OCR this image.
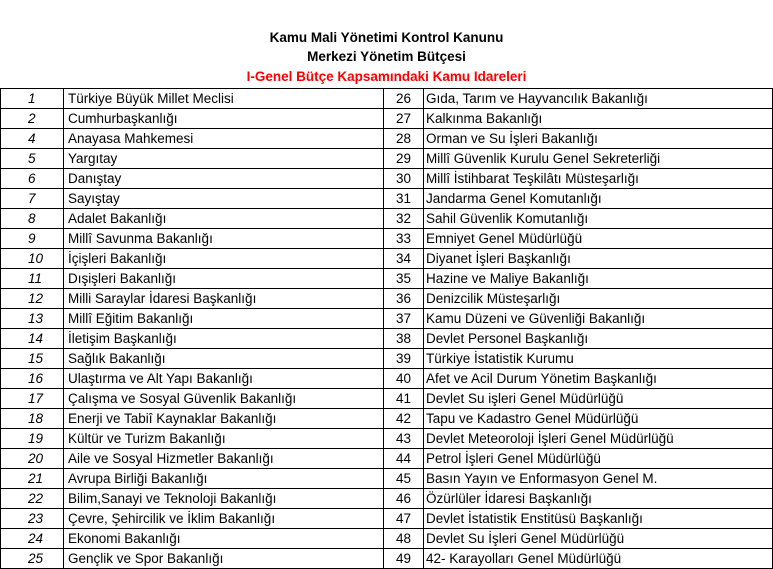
Kamu Mali Yönetimi Kontrol Kanunu
Merkezi Yönetim Bütçesi
I-Genel Bütçe Kapsamındaki Kamu Idareleri
1	Türkiye Büyük Millet Meclisi	26	Gıda, Tarım ve Hayvancılık Bakanlığı
2	Cumhurbaşkanlığı	27	Kalkınma Bakanlığı
4	Anayasa Mahkemesi	28	Orman ve Su İşleri Bakanlığı
5	Yargıtay	29	Millî Güvenlik Kurulu Genel Sekreterliği
6	Danıştay	30	Millî İstihbarat Teşkilâtı Müsteşarlığı
7	Sayıştay	31	Jandarma Genel Komutanlığı
8	Adalet Bakanlığı	32	Sahil Güvenlik Komutanlığı
9	Millî Savunma Bakanlığı	33	Emniyet Genel Müdürlüğü
10	İçişleri Bakanlığı	34	Diyanet İşleri Başkanlığı
11	Dışişleri Bakanlığı	35	Hazine ve Maliye Bakanlığı
12	Milli Saraylar İdaresi Başkanlığı	36	Denizcilik Müsteşarlığı
13	Millî Eğitim Bakanlığı	37	Kamu Düzeni ve Güvenliği Bakanlığı
14	İletişim Başkanlığı	38	Devlet Personel Başkanlığı
15	Sağlık Bakanlığı	39	Türkiye İstatistik Kurumu
16	Ulaştırma ve Alt Yapı Bakanlığı	40	Afet ve Acil Durum Yönetim Başkanlığı
17	Çalışma ve Sosyal Güvenlik Bakanlığı	41	Devlet Su işleri Genel Müdürlüğü
18	Enerji ve Tabiî Kaynaklar Bakanlığı	42	Tapu ve Kadastro Genel Müdürlüğü
19	Kültür ve Turizm Bakanlığı	43	Devlet Meteoroloji İşleri Genel Müdürlüğü
20	Aile ve Sosyal Hizmetler Bakanlığı	44	Petrol İşleri Genel Müdürlüğü
21	Avrupa Birliği Bakanlığı	45	Basın Yayın ve Enformasyon Genel M.
22	Bilim,Sanayi ve Teknoloji Bakanlığı	46	Özürlüler İdaresi Başkanlığı
23	Çevre, Şehircilik ve İklim Bakanlığı	47	Devlet İstatistik Enstitüsü Başkanlığı
24	Ekonomi Bakanlığı	48	Devlet Su İşleri Genel Müdürlüğü
25	Gençlik ve Spor Bakanlığı	49	42- Karayolları Genel Müdürlüğü
